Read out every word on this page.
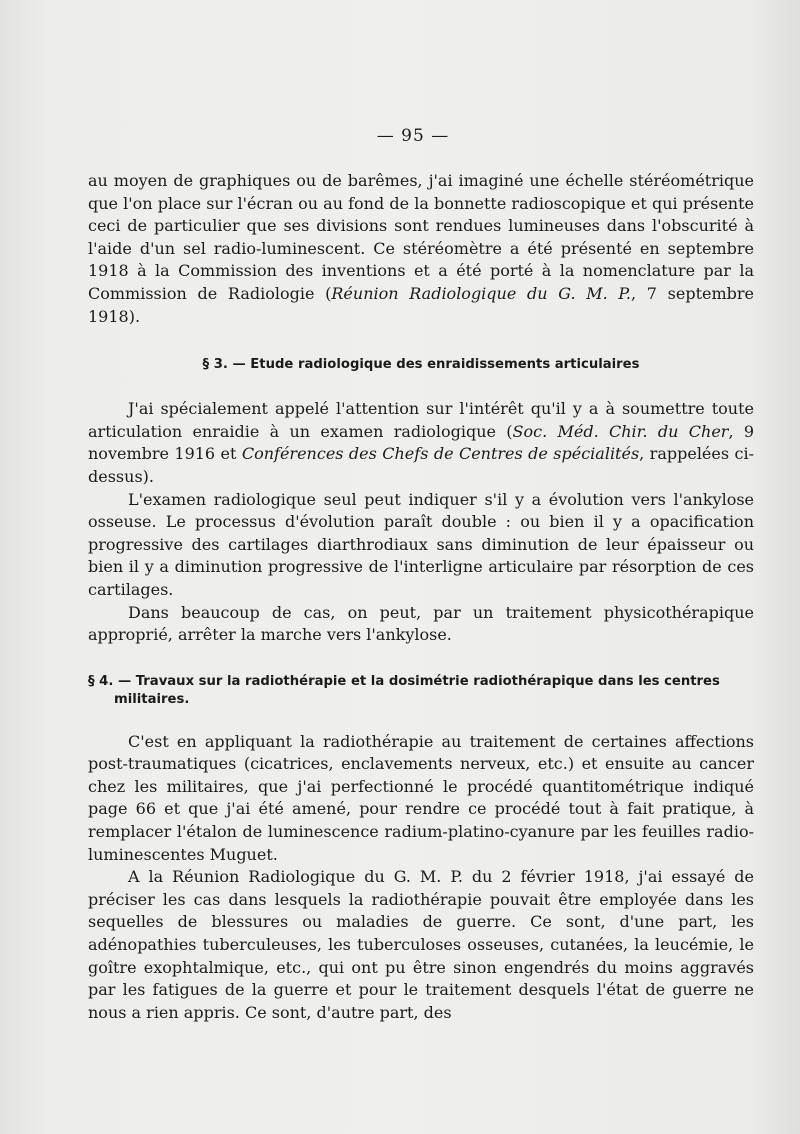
— 95 —

au moyen de graphiques ou de barêmes, j'ai imaginé une échelle stéréométrique que l'on place sur l'écran ou au fond de la bonnette radioscopique et qui présente ceci de particulier que ses divisions sont rendues lumineuses dans l'obscurité à l'aide d'un sel radio-luminescent. Ce stéréomètre a été présenté en septembre 1918 à la Commission des inventions et a été porté à la nomenclature par la Commission de Radiologie (Réunion Radiologique du G. M. P., 7 septembre 1918).

§ 3. — Etude radiologique des enraidissements articulaires

J'ai spécialement appelé l'attention sur l'intérêt qu'il y a à soumettre toute articulation enraidie à un examen radiologique (Soc. Méd. Chir. du Cher, 9 novembre 1916 et Conférences des Chefs de Centres de spécialités, rappelées ci-dessus).

L'examen radiologique seul peut indiquer s'il y a évolution vers l'ankylose osseuse. Le processus d'évolution paraît double : ou bien il y a opacification progressive des cartilages diarthrodiaux sans diminution de leur épaisseur ou bien il y a diminution progressive de l'interligne articulaire par résorption de ces cartilages.

Dans beaucoup de cas, on peut, par un traitement physicothérapique approprié, arrêter la marche vers l'ankylose.

§ 4. — Travaux sur la radiothérapie et la dosimétrie radiothérapique dans les centres militaires.

C'est en appliquant la radiothérapie au traitement de certaines affections post-traumatiques (cicatrices, enclavements nerveux, etc.) et ensuite au cancer chez les militaires, que j'ai perfectionné le procédé quantitométrique indiqué page 66 et que j'ai été amené, pour rendre ce procédé tout à fait pratique, à remplacer l'étalon de luminescence radium-platino-cyanure par les feuilles radio-luminescentes Muguet.

A la Réunion Radiologique du G. M. P. du 2 février 1918, j'ai essayé de préciser les cas dans lesquels la radiothérapie pouvait être employée dans les sequelles de blessures ou maladies de guerre. Ce sont, d'une part, les adénopathies tuberculeuses, les tuberculoses osseuses, cutanées, la leucémie, le goître exophtalmique, etc., qui ont pu être sinon engendrés du moins aggravés par les fatigues de la guerre et pour le traitement desquels l'état de guerre ne nous a rien appris. Ce sont, d'autre part, des
